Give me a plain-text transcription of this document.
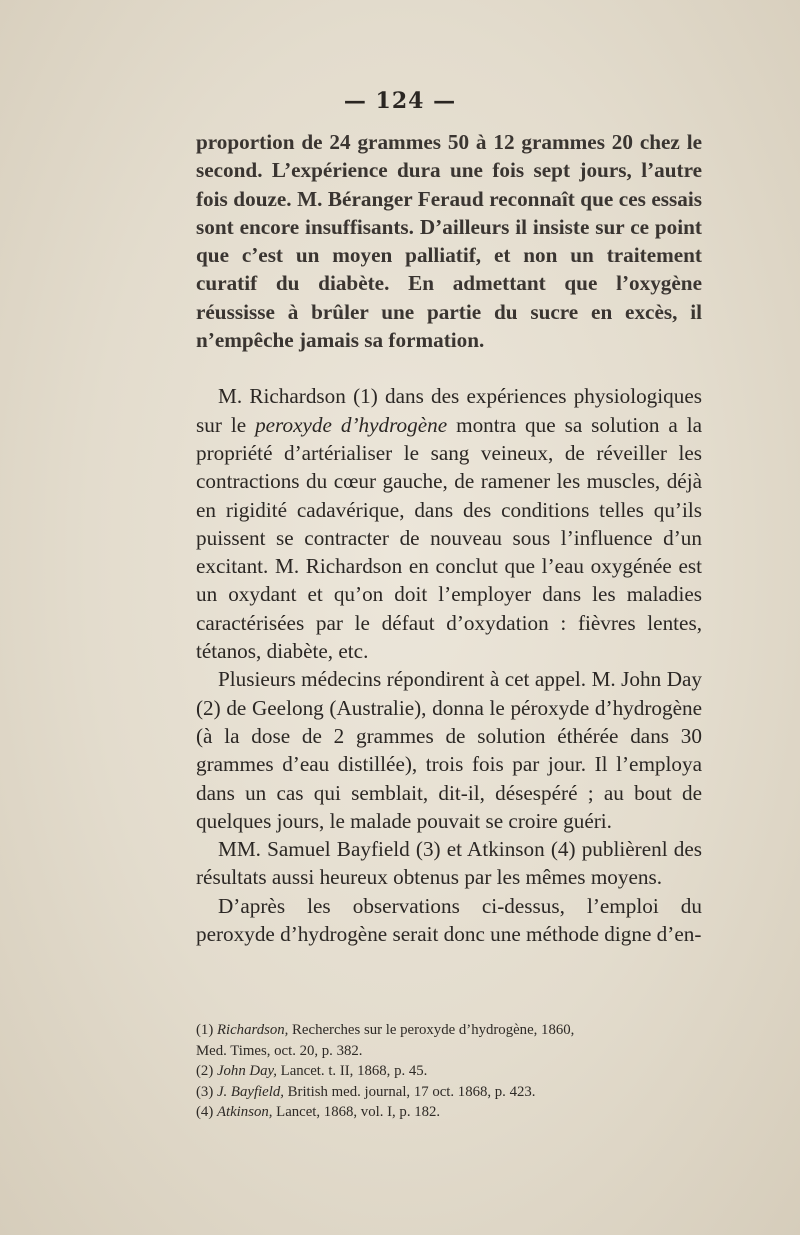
— 124 —

proportion de 24 grammes 50 à 12 grammes 20 chez le second. L’expérience dura une fois sept jours, l’autre fois douze. M. Béranger Feraud reconnaît que ces essais sont encore insuffisants. D’ailleurs il insiste sur ce point que c’est un moyen palliatif, et non un traitement curatif du diabète. En admettant que l’oxygène réussisse à brûler une partie du sucre en excès, il n’empêche jamais sa formation.

M. Richardson (1) dans des expériences physiologiques sur le peroxyde d’hydrogène montra que sa solution a la propriété d’artérialiser le sang veineux, de réveiller les contractions du cœur gauche, de ramener les muscles, déjà en rigidité cadavérique, dans des conditions telles qu’ils puissent se contracter de nouveau sous l’influence d’un excitant. M. Richardson en conclut que l’eau oxygénée est un oxydant et qu’on doit l’employer dans les maladies caractérisées par le défaut d’oxydation : fièvres lentes, tétanos, diabète, etc.

Plusieurs médecins répondirent à cet appel. M. John Day (2) de Geelong (Australie), donna le péroxyde d’hydrogène (à la dose de 2 grammes de solution éthérée dans 30 grammes d’eau distillée), trois fois par jour. Il l’employa dans un cas qui semblait, dit-il, désespéré ; au bout de quelques jours, le malade pouvait se croire guéri.

MM. Samuel Bayfield (3) et Atkinson (4) publièrenl des résultats aussi heureux obtenus par les mêmes moyens.

D’après les observations ci-dessus, l’emploi du peroxyde d’hydrogène serait donc une méthode digne d’en-

(1) Richardson, Recherches sur le peroxyde d’hydrogène, 1860,

Med. Times, oct. 20, p. 382.

(2) John Day, Lancet. t. II, 1868, p. 45.

(3) J. Bayfield, British med. journal, 17 oct. 1868, p. 423.

(4) Atkinson, Lancet, 1868, vol. I, p. 182.
